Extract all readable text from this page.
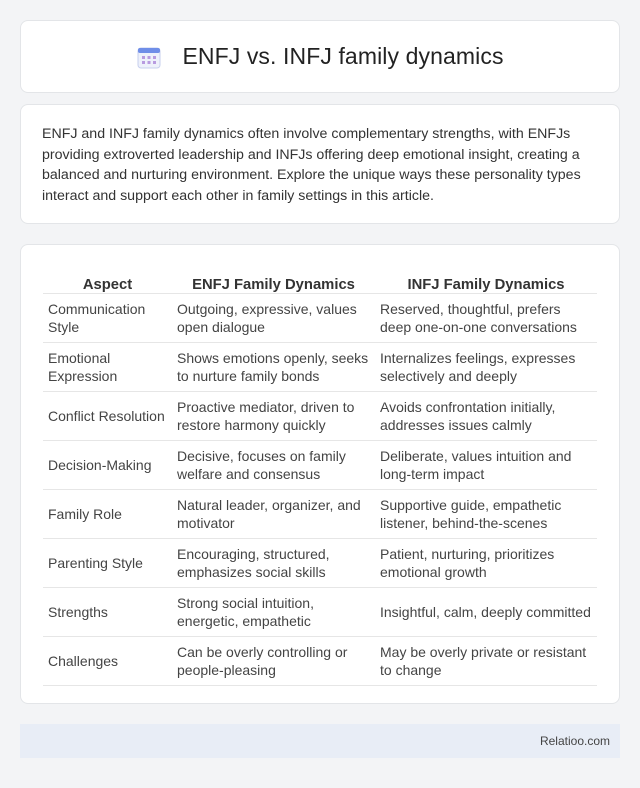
ENFJ vs. INFJ family dynamics

ENFJ and INFJ family dynamics often involve complementary strengths, with ENFJs providing extroverted leadership and INFJs offering deep emotional insight, creating a balanced and nurturing environment. Explore the unique ways these personality types interact and support each other in family settings in this article.

Aspect	ENFJ Family Dynamics	INFJ Family Dynamics
Communication Style	Outgoing, expressive, values open dialogue	Reserved, thoughtful, prefers deep one-on-one conversations
Emotional Expression	Shows emotions openly, seeks to nurture family bonds	Internalizes feelings, expresses selectively and deeply
Conflict Resolution	Proactive mediator, driven to restore harmony quickly	Avoids confrontation initially, addresses issues calmly
Decision-Making	Decisive, focuses on family welfare and consensus	Deliberate, values intuition and long-term impact
Family Role	Natural leader, organizer, and motivator	Supportive guide, empathetic listener, behind-the-scenes
Parenting Style	Encouraging, structured, emphasizes social skills	Patient, nurturing, prioritizes emotional growth
Strengths	Strong social intuition, energetic, empathetic	Insightful, calm, deeply committed
Challenges	Can be overly controlling or people-pleasing	May be overly private or resistant to change
Relatioo.com
